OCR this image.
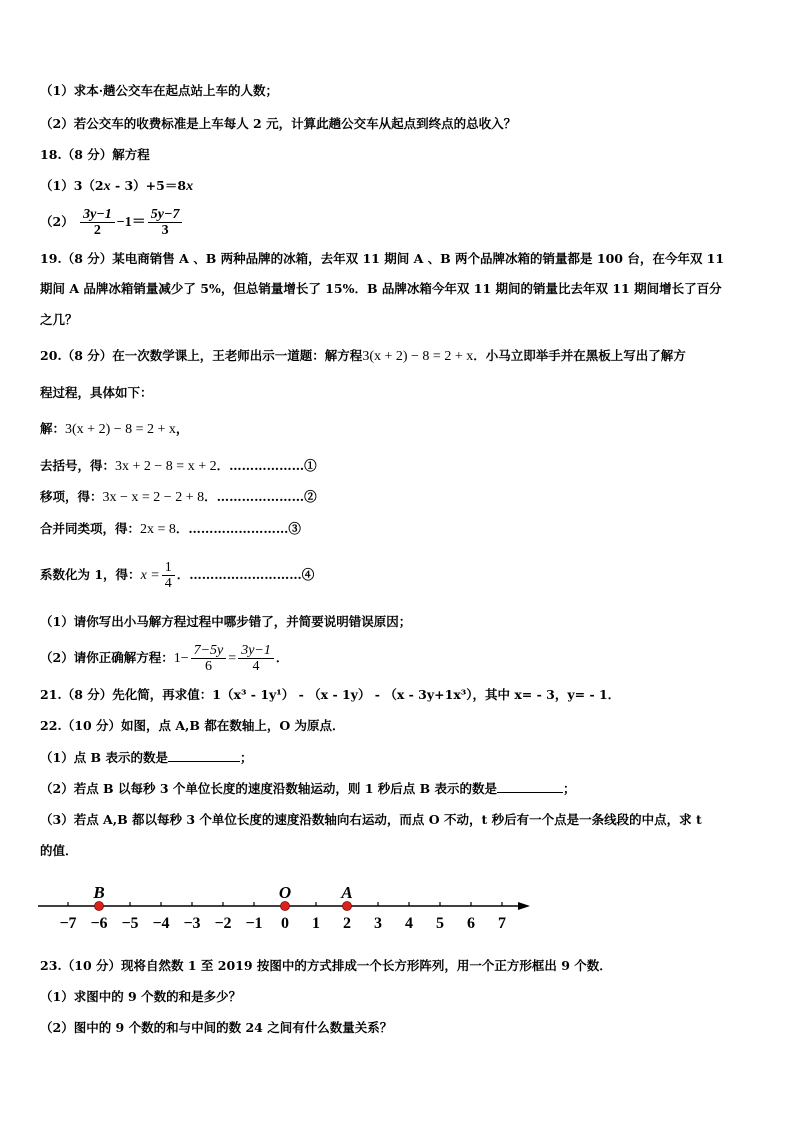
（1）求本·趟公交车在起点站上车的人数；
（2）若公交车的收费标准是上车每人 2 元，计算此趟公交车从起点到终点的总收入？
18.（8 分）解方程
（1）3（2x - 3）+5＝8x
$(2) \frac{3y-1}{2} -1= \frac{5y-7}{3}$
19.（8 分）某电商销售 A 、B 两种品牌的冰箱，去年双 11 期间 A 、B 两个品牌冰箱的销量都是 100 台，在今年双 11
期间 A 品牌冰箱销量减少了 5%，但总销量增长了 15%．B 品牌冰箱今年双 11 期间的销量比去年双 11 期间增长了百分
之几？
20.（8 分）在一次数学课上，王老师出示一道题：解方程3(x + 2) − 8 = 2 + x．小马立即举手并在黑板上写出了解方
程过程，具体如下：
解：3(x + 2) − 8 = 2 + x，
去括号，得：3x + 2 − 8 = x + 2．………………①
移项，得：3x − x = 2 − 2 + 8．…………………②
合并同类项，得：2x = 8．……………………③
系数化为 1，得：$x = \frac{1}{4}$ ．………………………④
（1）请你写出小马解方程过程中哪步错了，并简要说明错误原因；
（2）请你正确解方程：$1- \frac{7-5y}{6} = \frac{3y-1}{4}$ ．
21.（8 分）先化简，再求值：1（x³ - 1y¹） - （x - 1y） - （x - 3y+1x³），其中 x= - 3，y= - 1．
22.（10 分）如图，点 A,B 都在数轴上，O 为原点．
（1）点 B 表示的数是	；
（2）若点 B 以每秒 3 个单位长度的速度沿数轴运动，则 1 秒后点 B 表示的数是	；
（3）若点 A,B 都以每秒 3 个单位长度的速度沿数轴向右运动，而点 O 不动，t 秒后有一个点是一条线段的中点，求 t
的值．
−7 −6 −5 −4 −3 −2 −1 0 1 2 3 4 5 6 7
B	O	A
23.（10 分）现将自然数 1 至 2019 按图中的方式排成一个长方形阵列，用一个正方形框出 9 个数．
（1）求图中的 9 个数的和是多少？
（2）图中的 9 个数的和与中间的数 24 之间有什么数量关系？
